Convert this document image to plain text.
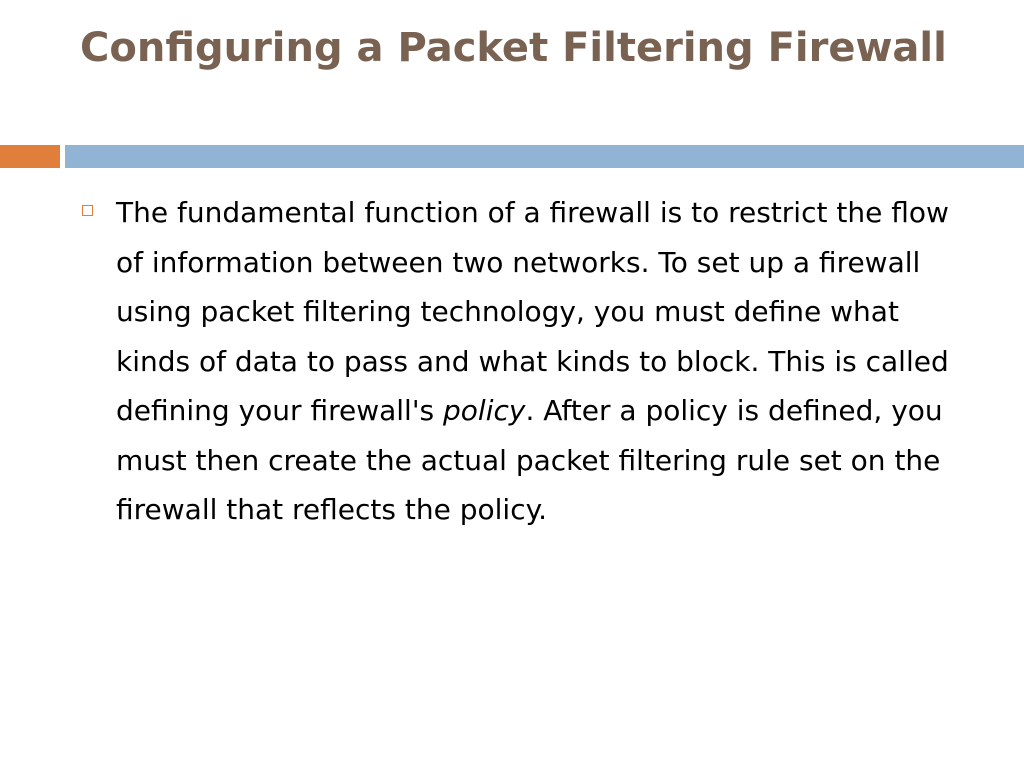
Configuring a Packet Filtering Firewall

The fundamental function of a firewall is to restrict the flow of information between two networks. To set up a firewall using packet filtering technology, you must define what kinds of data to pass and what kinds to block. This is called defining your firewall's policy. After a policy is defined, you must then create the actual packet filtering rule set on the firewall that reflects the policy.
